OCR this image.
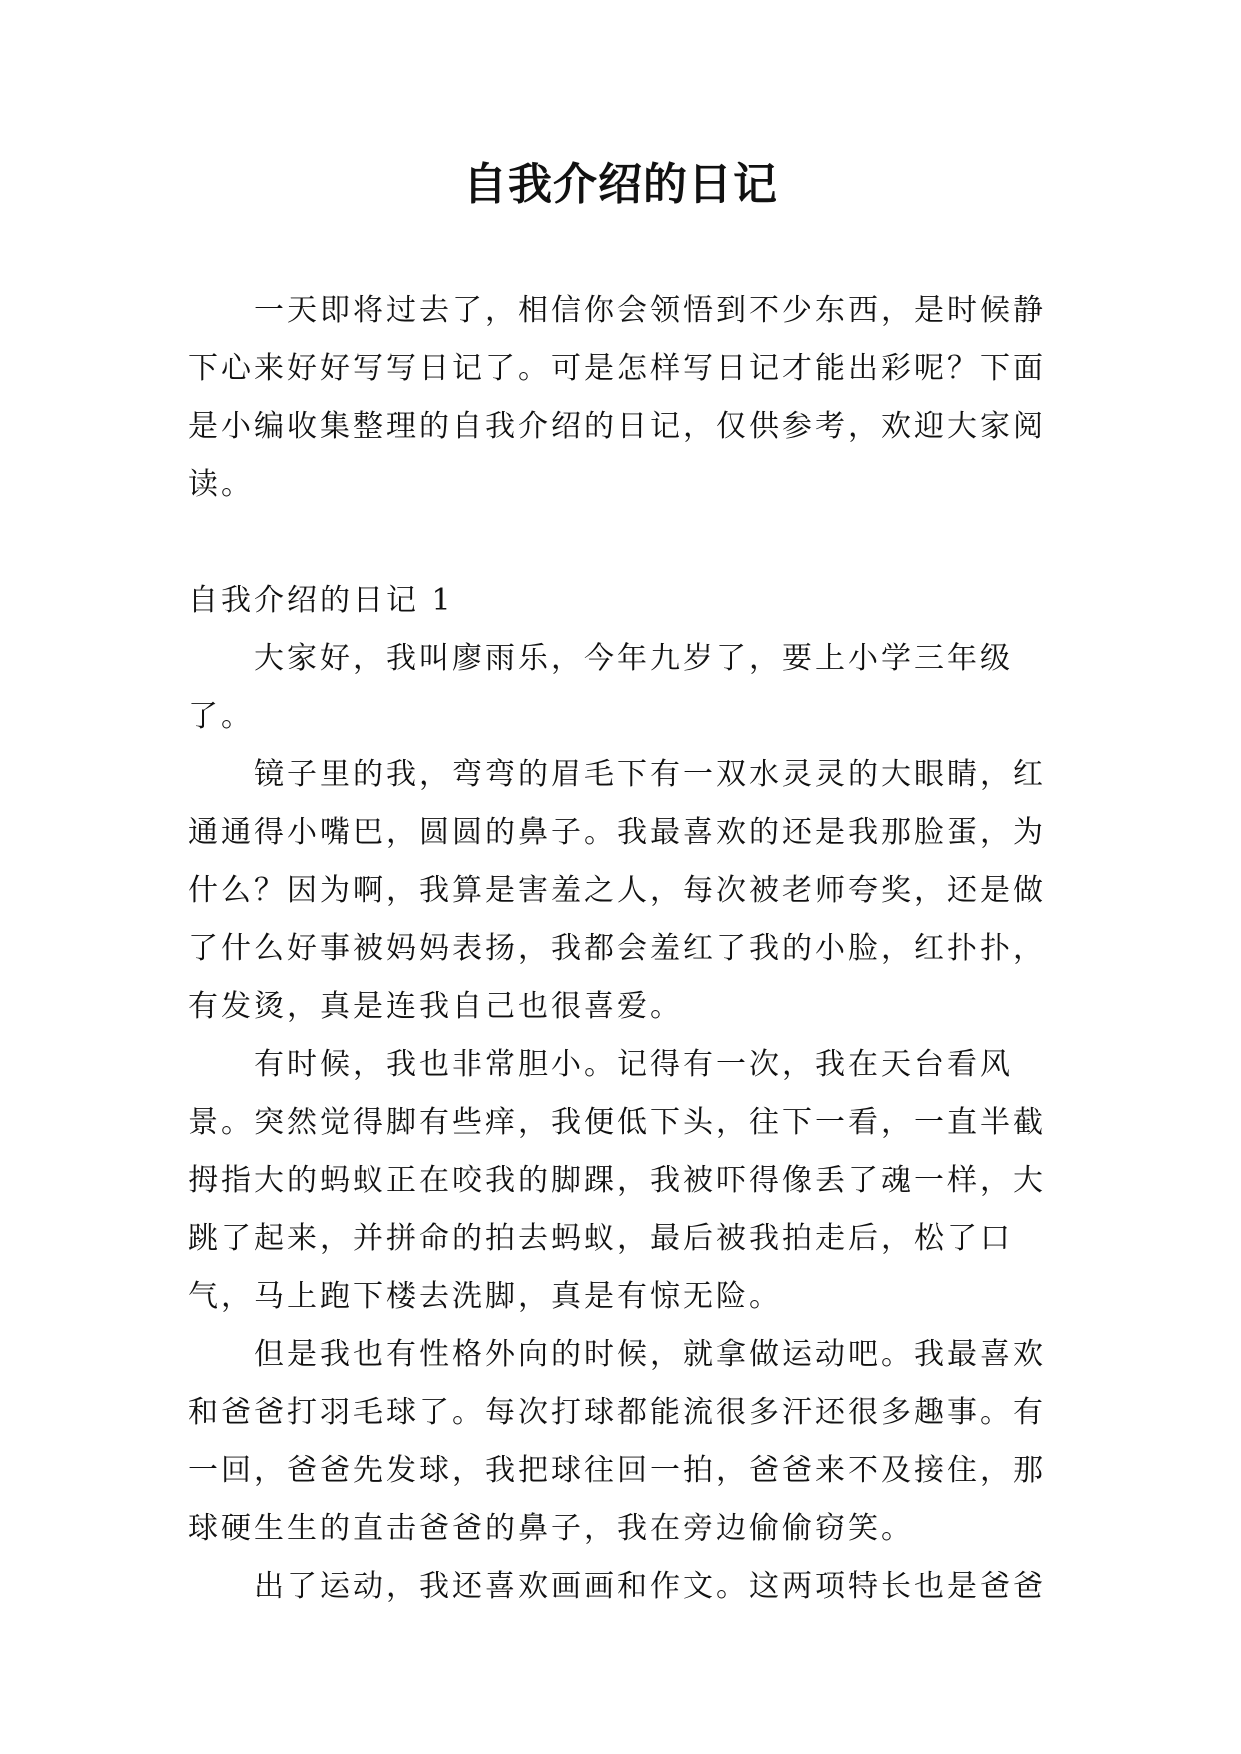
自我介绍的日记

一天即将过去了，相信你会领悟到不少东西，是时候静下心来好好写写日记了。可是怎样写日记才能出彩呢？下面是小编收集整理的自我介绍的日记，仅供参考，欢迎大家阅读。

自我介绍的日记 1

大家好，我叫廖雨乐，今年九岁了，要上小学三年级了。

镜子里的我，弯弯的眉毛下有一双水灵灵的大眼睛，红通通得小嘴巴，圆圆的鼻子。我最喜欢的还是我那脸蛋，为什么？因为啊，我算是害羞之人，每次被老师夸奖，还是做了什么好事被妈妈表扬，我都会羞红了我的小脸，红扑扑，有发烫，真是连我自己也很喜爱。

有时候，我也非常胆小。记得有一次，我在天台看风景。突然觉得脚有些痒，我便低下头，往下一看，一直半截拇指大的蚂蚁正在咬我的脚踝，我被吓得像丢了魂一样，大跳了起来，并拼命的拍去蚂蚁，最后被我拍走后，松了口气，马上跑下楼去洗脚，真是有惊无险。

但是我也有性格外向的时候，就拿做运动吧。我最喜欢和爸爸打羽毛球了。每次打球都能流很多汗还很多趣事。有一回，爸爸先发球，我把球往回一拍，爸爸来不及接住，那球硬生生的直击爸爸的鼻子，我在旁边偷偷窃笑。

出了运动，我还喜欢画画和作文。这两项特长也是爸爸
